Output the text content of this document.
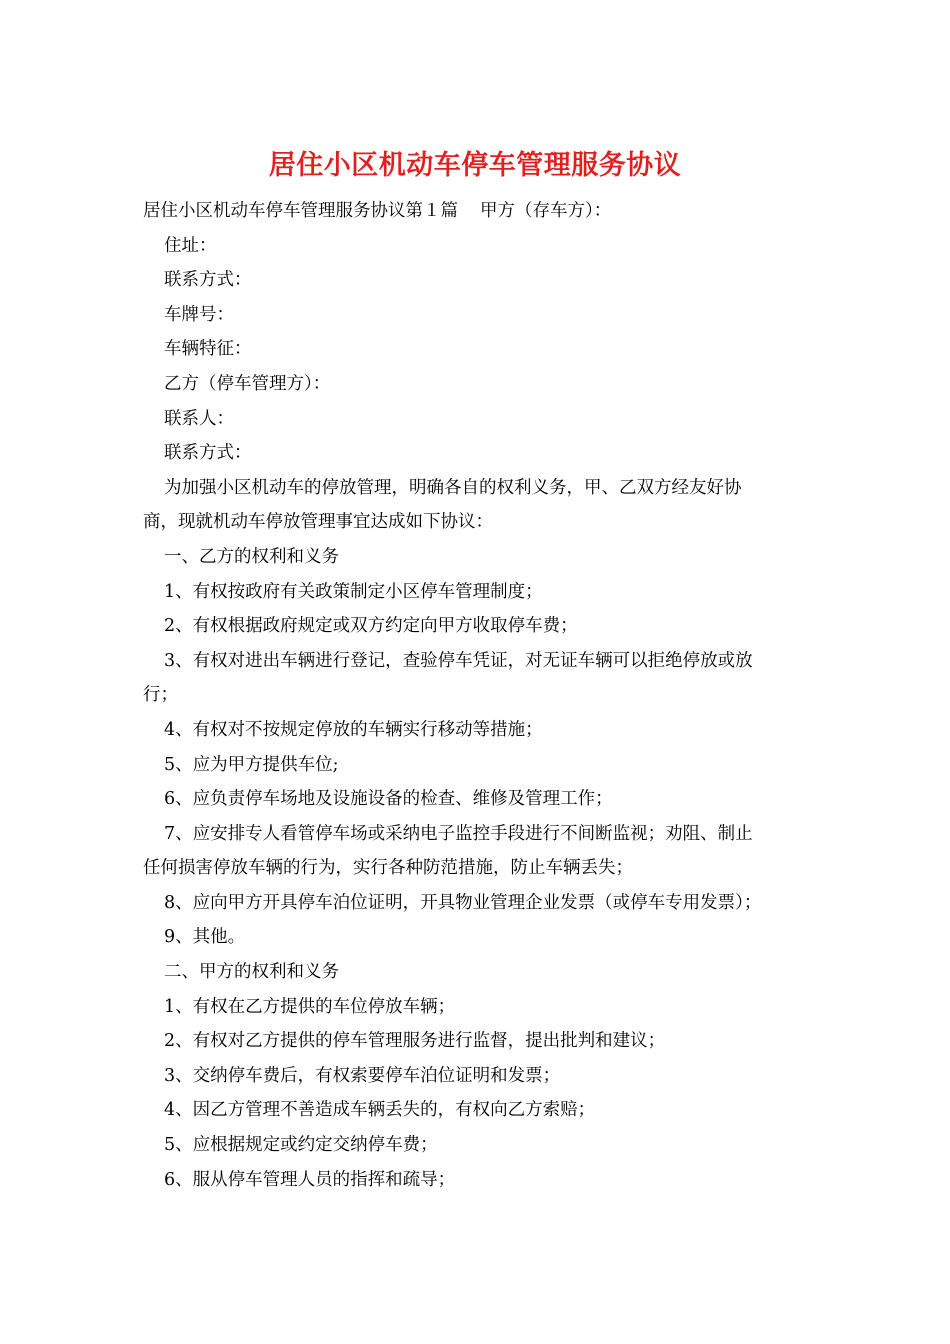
居住小区机动车停车管理服务协议
居住小区机动车停车管理服务协议第１篇 甲方（存车方）：
住址：
联系方式：
车牌号：
车辆特征：
乙方（停车管理方）：
联系人：
联系方式：
为加强小区机动车的停放管理，明确各自的权利义务，甲、乙双方经友好协
商，现就机动车停放管理事宜达成如下协议：
一、乙方的权利和义务
1、有权按政府有关政策制定小区停车管理制度；
2、有权根据政府规定或双方约定向甲方收取停车费；
3、有权对进出车辆进行登记，查验停车凭证，对无证车辆可以拒绝停放或放
行；
4、有权对不按规定停放的车辆实行移动等措施；
5、应为甲方提供车位;
6、应负责停车场地及设施设备的检查、维修及管理工作；
7、应安排专人看管停车场或采纳电子监控手段进行不间断监视；劝阻、制止
任何损害停放车辆的行为，实行各种防范措施，防止车辆丢失；
8、应向甲方开具停车泊位证明，开具物业管理企业发票（或停车专用发票）；
9、其他。
二、甲方的权利和义务
1、有权在乙方提供的车位停放车辆；
2、有权对乙方提供的停车管理服务进行监督，提出批判和建议；
3、交纳停车费后，有权索要停车泊位证明和发票；
4、因乙方管理不善造成车辆丢失的，有权向乙方索赔；
5、应根据规定或约定交纳停车费；
6、服从停车管理人员的指挥和疏导；
